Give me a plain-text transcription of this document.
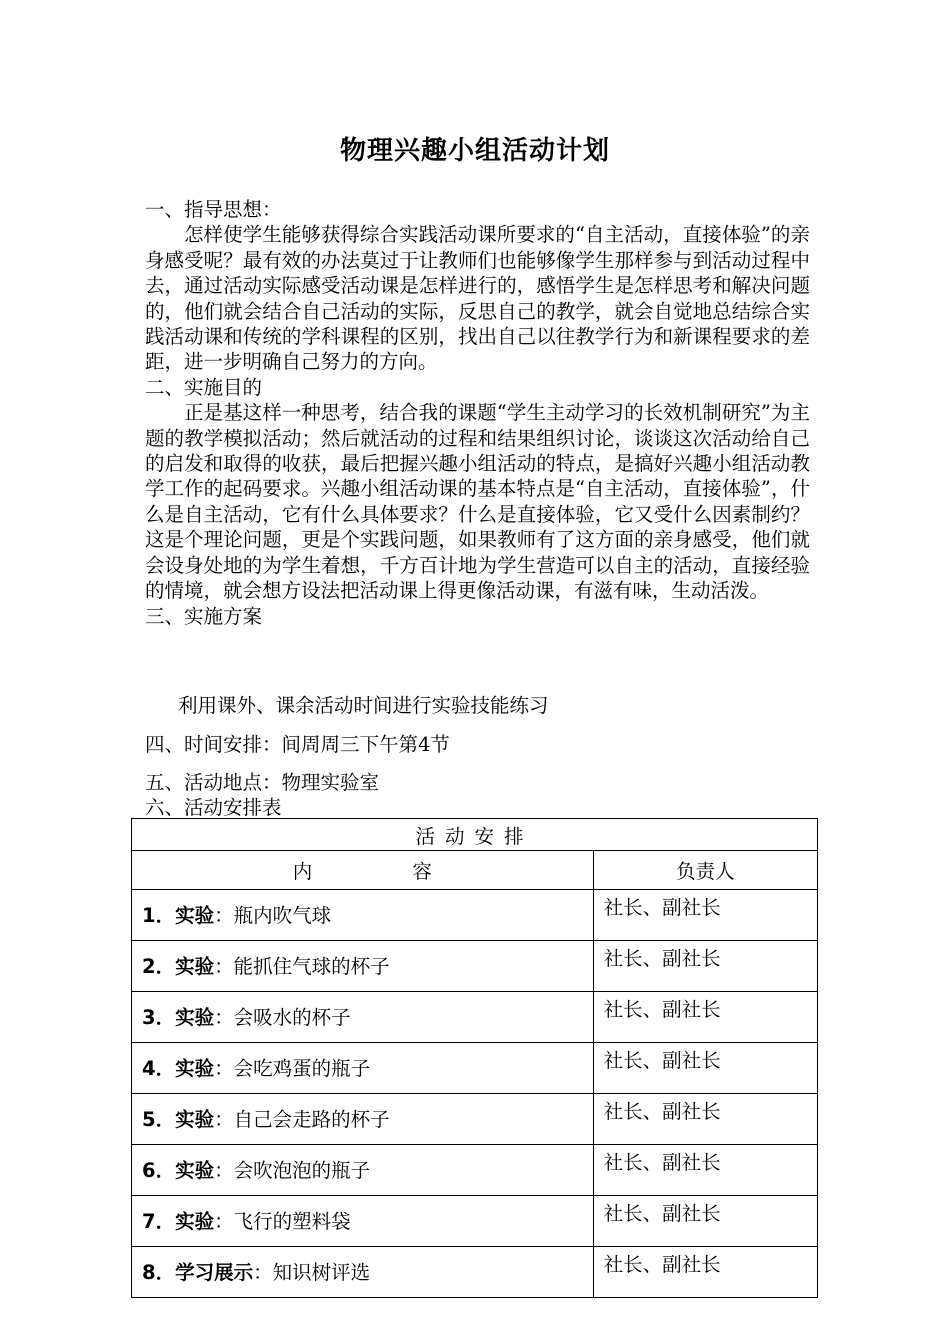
物理兴趣小组活动计划
一、指导思想：
怎样使学生能够获得综合实践活动课所要求的“自主活动，直接体验”的亲身感受呢？最有效的办法莫过于让教师们也能够像学生那样参与到活动过程中去，通过活动实际感受活动课是怎样进行的，感悟学生是怎样思考和解决问题的，他们就会结合自己活动的实际，反思自己的教学，就会自觉地总结综合实践活动课和传统的学科课程的区别，找出自己以往教学行为和新课程要求的差距，进一步明确自己努力的方向。
二、实施目的
正是基这样一种思考，结合我的课题“学生主动学习的长效机制研究”为主题的教学模拟活动；然后就活动的过程和结果组织讨论，谈谈这次活动给自己的启发和取得的收获，最后把握兴趣小组活动的特点，是搞好兴趣小组活动教学工作的起码要求。兴趣小组活动课的基本特点是“自主活动，直接体验”，什么是自主活动，它有什么具体要求？什么是直接体验，它又受什么因素制约？这是个理论问题，更是个实践问题，如果教师有了这方面的亲身感受，他们就会设身处地的为学生着想，千方百计地为学生营造可以自主的活动，直接经验的情境，就会想方设法把活动课上得更像活动课，有滋有味，生动活泼。
三、实施方案
利用课外、课余活动时间进行实验技能练习
四、时间安排：间周周三下午第4节
五、活动地点：物理实验室
六、活动安排表
活动安排	
内 容	负责人
1．实验：瓶内吹气球	社长、副社长
2．实验：能抓住气球的杯子	社长、副社长
3．实验：会吸水的杯子	社长、副社长
4．实验：会吃鸡蛋的瓶子	社长、副社长
5．实验：自己会走路的杯子	社长、副社长
6．实验：会吹泡泡的瓶子	社长、副社长
7．实验：飞行的塑料袋	社长、副社长
8．学习展示：知识树评选	社长、副社长
